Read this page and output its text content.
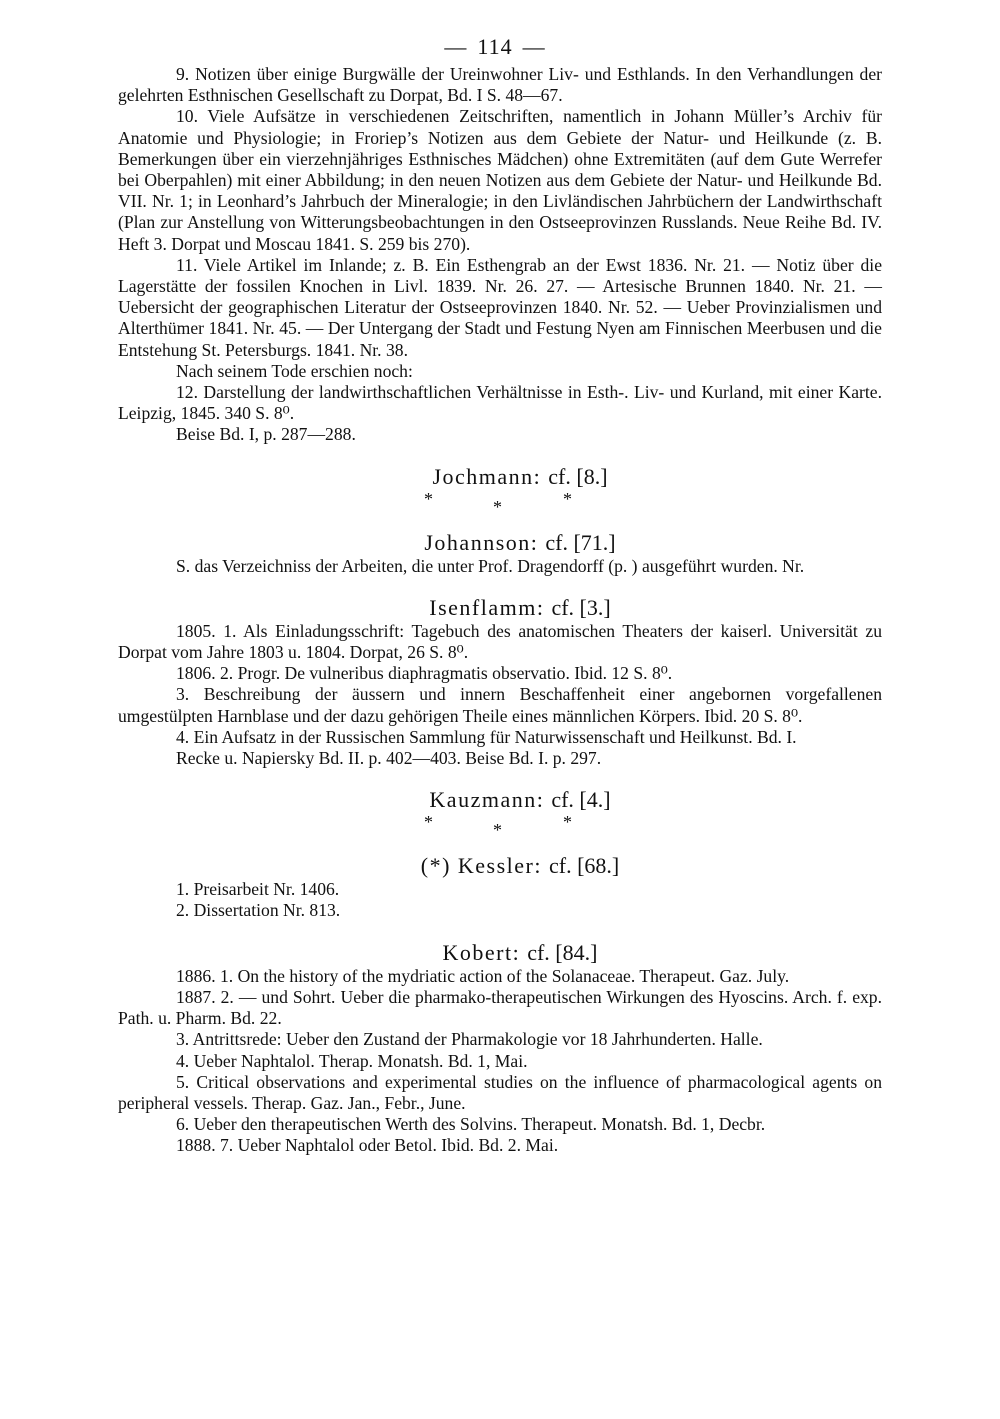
— 114 —

9. Notizen über einige Burgwälle der Ureinwohner Liv- und Esthlands. In den Verhandlungen der gelehrten Esthnischen Gesellschaft zu Dorpat, Bd. I S. 48—67.

10. Viele Aufsätze in verschiedenen Zeitschriften, namentlich in Johann Müller’s Archiv für Anatomie und Physiologie; in Froriep’s Notizen aus dem Gebiete der Natur- und Heilkunde (z. B. Bemerkungen über ein vierzehnjähriges Esthnisches Mädchen) ohne Extremitäten (auf dem Gute Werrefer bei Oberpahlen) mit einer Abbildung; in den neuen Notizen aus dem Gebiete der Natur- und Heilkunde Bd. VII. Nr. 1; in Leonhard’s Jahrbuch der Mineralogie; in den Livländischen Jahrbüchern der Landwirthschaft (Plan zur Anstellung von Witterungsbeobachtungen in den Ostseeprovinzen Russlands. Neue Reihe Bd. IV. Heft 3. Dorpat und Moscau 1841. S. 259 bis 270).

11. Viele Artikel im Inlande; z. B. Ein Esthengrab an der Ewst 1836. Nr. 21. — Notiz über die Lagerstätte der fossilen Knochen in Livl. 1839. Nr. 26. 27. — Artesische Brunnen 1840. Nr. 21. — Uebersicht der geographischen Literatur der Ostseeprovinzen 1840. Nr. 52. — Ueber Provinzialismen und Alterthümer 1841. Nr. 45. — Der Untergang der Stadt und Festung Nyen am Finnischen Meerbusen und die Entstehung St. Petersburgs. 1841. Nr. 38.

Nach seinem Tode erschien noch:

12. Darstellung der landwirthschaftlichen Verhältnisse in Esth-. Liv- und Kurland, mit einer Karte. Leipzig, 1845. 340 S. 8⁰.

Beise Bd. I, p. 287—288.

Jochmann: cf. [8.]
*	*	*
Johannson: cf. [71.]

S. das Verzeichniss der Arbeiten, die unter Prof. Dragendorff (p. ) ausgeführt wurden. Nr.

Isenflamm: cf. [3.]

1805. 1. Als Einladungsschrift: Tagebuch des anatomischen Theaters der kaiserl. Universität zu Dorpat vom Jahre 1803 u. 1804. Dorpat, 26 S. 8⁰.

1806. 2. Progr. De vulneribus diaphragmatis observatio. Ibid. 12 S. 8⁰.

3. Beschreibung der äussern und innern Beschaffenheit einer angebornen vorgefallenen umgestülpten Harnblase und der dazu gehörigen Theile eines männlichen Körpers. Ibid. 20 S. 8⁰.

4. Ein Aufsatz in der Russischen Sammlung für Naturwissenschaft und Heilkunst. Bd. I.

Recke u. Napiersky Bd. II. p. 402—403. Beise Bd. I. p. 297.

Kauzmann: cf. [4.]
*	*	*
(*) Kessler: cf. [68.]

1. Preisarbeit Nr. 1406.

2. Dissertation Nr. 813.

Kobert: cf. [84.]

1886. 1. On the history of the mydriatic action of the Solanaceae. Therapeut. Gaz. July.

1887. 2. — und Sohrt. Ueber die pharmako-therapeutischen Wirkungen des Hyoscins. Arch. f. exp. Path. u. Pharm. Bd. 22.

3. Antrittsrede: Ueber den Zustand der Pharmakologie vor 18 Jahrhunderten. Halle.

4. Ueber Naphtalol. Therap. Monatsh. Bd. 1, Mai.

5. Critical observations and experimental studies on the influence of pharmacological agents on peripheral vessels. Therap. Gaz. Jan., Febr., June.

6. Ueber den therapeutischen Werth des Solvins. Therapeut. Monatsh. Bd. 1, Decbr.

1888. 7. Ueber Naphtalol oder Betol. Ibid. Bd. 2. Mai.
